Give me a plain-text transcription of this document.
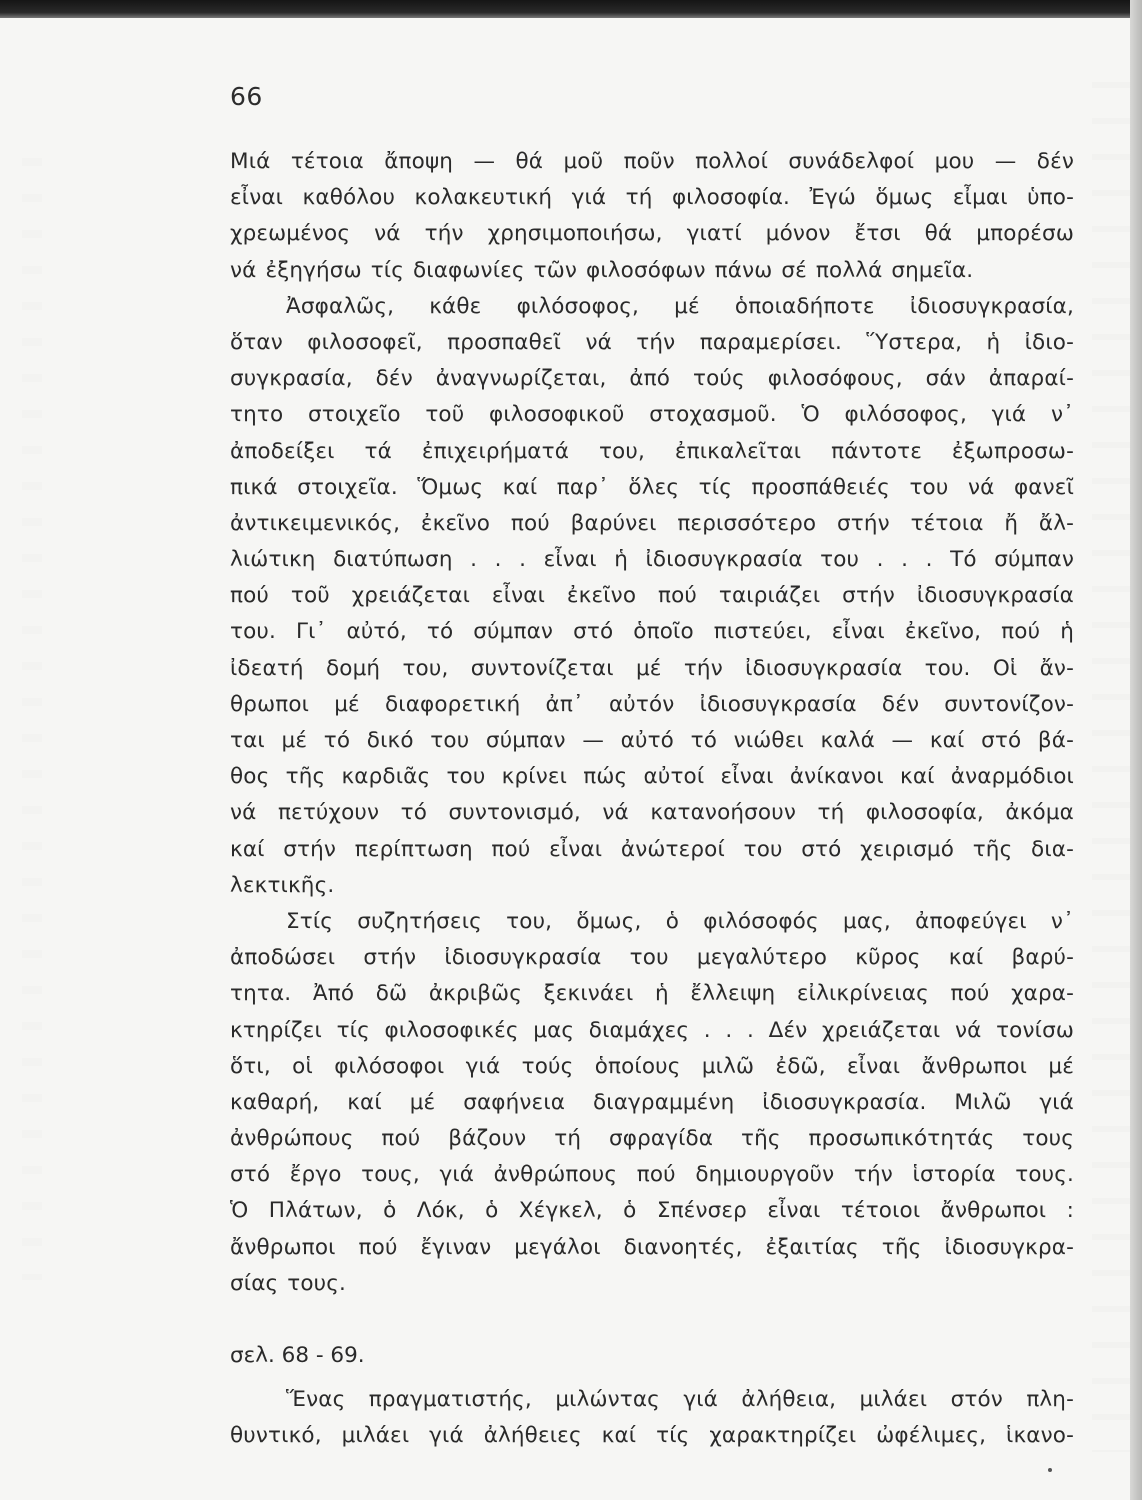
66
Μιά τέτοια ἄποψη — θά μοῦ ποῦν πολλοί συνάδελφοί μου — δέν
εἶναι καθόλου κολακευτική γιά τή φιλοσοφία. Ἐγώ ὅμως εἶμαι ὑπο-
χρεωμένος νά τήν χρησιμοποιήσω, γιατί μόνον ἔτσι θά μπορέσω
νά ἐξηγήσω τίς διαφωνίες τῶν φιλοσόφων πάνω σέ πολλά σημεῖα.
Ἀσφαλῶς, κάθε φιλόσοφος, μέ ὁποιαδήποτε ἰδιοσυγκρασία,
ὅταν φιλοσοφεῖ, προσπαθεῖ νά τήν παραμερίσει. Ὕστερα, ἡ ἰδιο-
συγκρασία, δέν ἀναγνωρίζεται, ἀπό τούς φιλοσόφους, σάν ἀπαραί-
τητο στοιχεῖο τοῦ φιλοσοφικοῦ στοχασμοῦ. Ὁ φιλόσοφος, γιά ν᾽
ἀποδείξει τά ἐπιχειρήματά του, ἐπικαλεῖται πάντοτε ἐξωπροσω-
πικά στοιχεῖα. Ὅμως καί παρ᾽ ὅλες τίς προσπάθειές του νά φανεῖ
ἀντικειμενικός, ἐκεῖνο πού βαρύνει περισσότερο στήν τέτοια ἤ ἄλ-
λιώτικη διατύπωση . . . εἶναι ἡ ἰδιοσυγκρασία του . . . Τό σύμπαν
πού τοῦ χρειάζεται εἶναι ἐκεῖνο πού ταιριάζει στήν ἰδιοσυγκρασία
του. Γι᾽ αὐτό, τό σύμπαν στό ὁποῖο πιστεύει, εἶναι ἐκεῖνο, πού ἡ
ἰδεατή δομή του, συντονίζεται μέ τήν ἰδιοσυγκρασία του. Οἱ ἄν-
θρωποι μέ διαφορετική ἀπ᾽ αὐτόν ἰδιοσυγκρασία δέν συντονίζον-
ται μέ τό δικό του σύμπαν — αὐτό τό νιώθει καλά — καί στό βά-
θος τῆς καρδιᾶς του κρίνει πώς αὐτοί εἶναι ἀνίκανοι καί ἀναρμόδιοι
νά πετύχουν τό συντονισμό, νά κατανοήσουν τή φιλοσοφία, ἀκόμα
καί στήν περίπτωση πού εἶναι ἀνώτεροί του στό χειρισμό τῆς δια-
λεκτικῆς.
Στίς συζητήσεις του, ὅμως, ὁ φιλόσοφός μας, ἀποφεύγει ν᾽
ἀποδώσει στήν ἰδιοσυγκρασία του μεγαλύτερο κῦρος καί βαρύ-
τητα. Ἀπό δῶ ἀκριβῶς ξεκινάει ἡ ἔλλειψη εἰλικρίνειας πού χαρα-
κτηρίζει τίς φιλοσοφικές μας διαμάχες . . . Δέν χρειάζεται νά τονίσω
ὅτι, οἱ φιλόσοφοι γιά τούς ὁποίους μιλῶ ἐδῶ, εἶναι ἄνθρωποι μέ
καθαρή, καί μέ σαφήνεια διαγραμμένη ἰδιοσυγκρασία. Μιλῶ γιά
ἀνθρώπους πού βάζουν τή σφραγίδα τῆς προσωπικότητάς τους
στό ἔργο τους, γιά ἀνθρώπους πού δημιουργοῦν τήν ἱστορία τους.
Ὁ Πλάτων, ὁ Λόκ, ὁ Χέγκελ, ὁ Σπένσερ εἶναι τέτοιοι ἄνθρωποι :
ἄνθρωποι πού ἔγιναν μεγάλοι διανοητές, ἐξαιτίας τῆς ἰδιοσυγκρα-
σίας τους.
σελ. 68 - 69.
Ἕνας πραγματιστής, μιλώντας γιά ἀλήθεια, μιλάει στόν πλη-
θυντικό, μιλάει γιά ἀλήθειες καί τίς χαρακτηρίζει ὠφέλιμες, ἱκανο-
